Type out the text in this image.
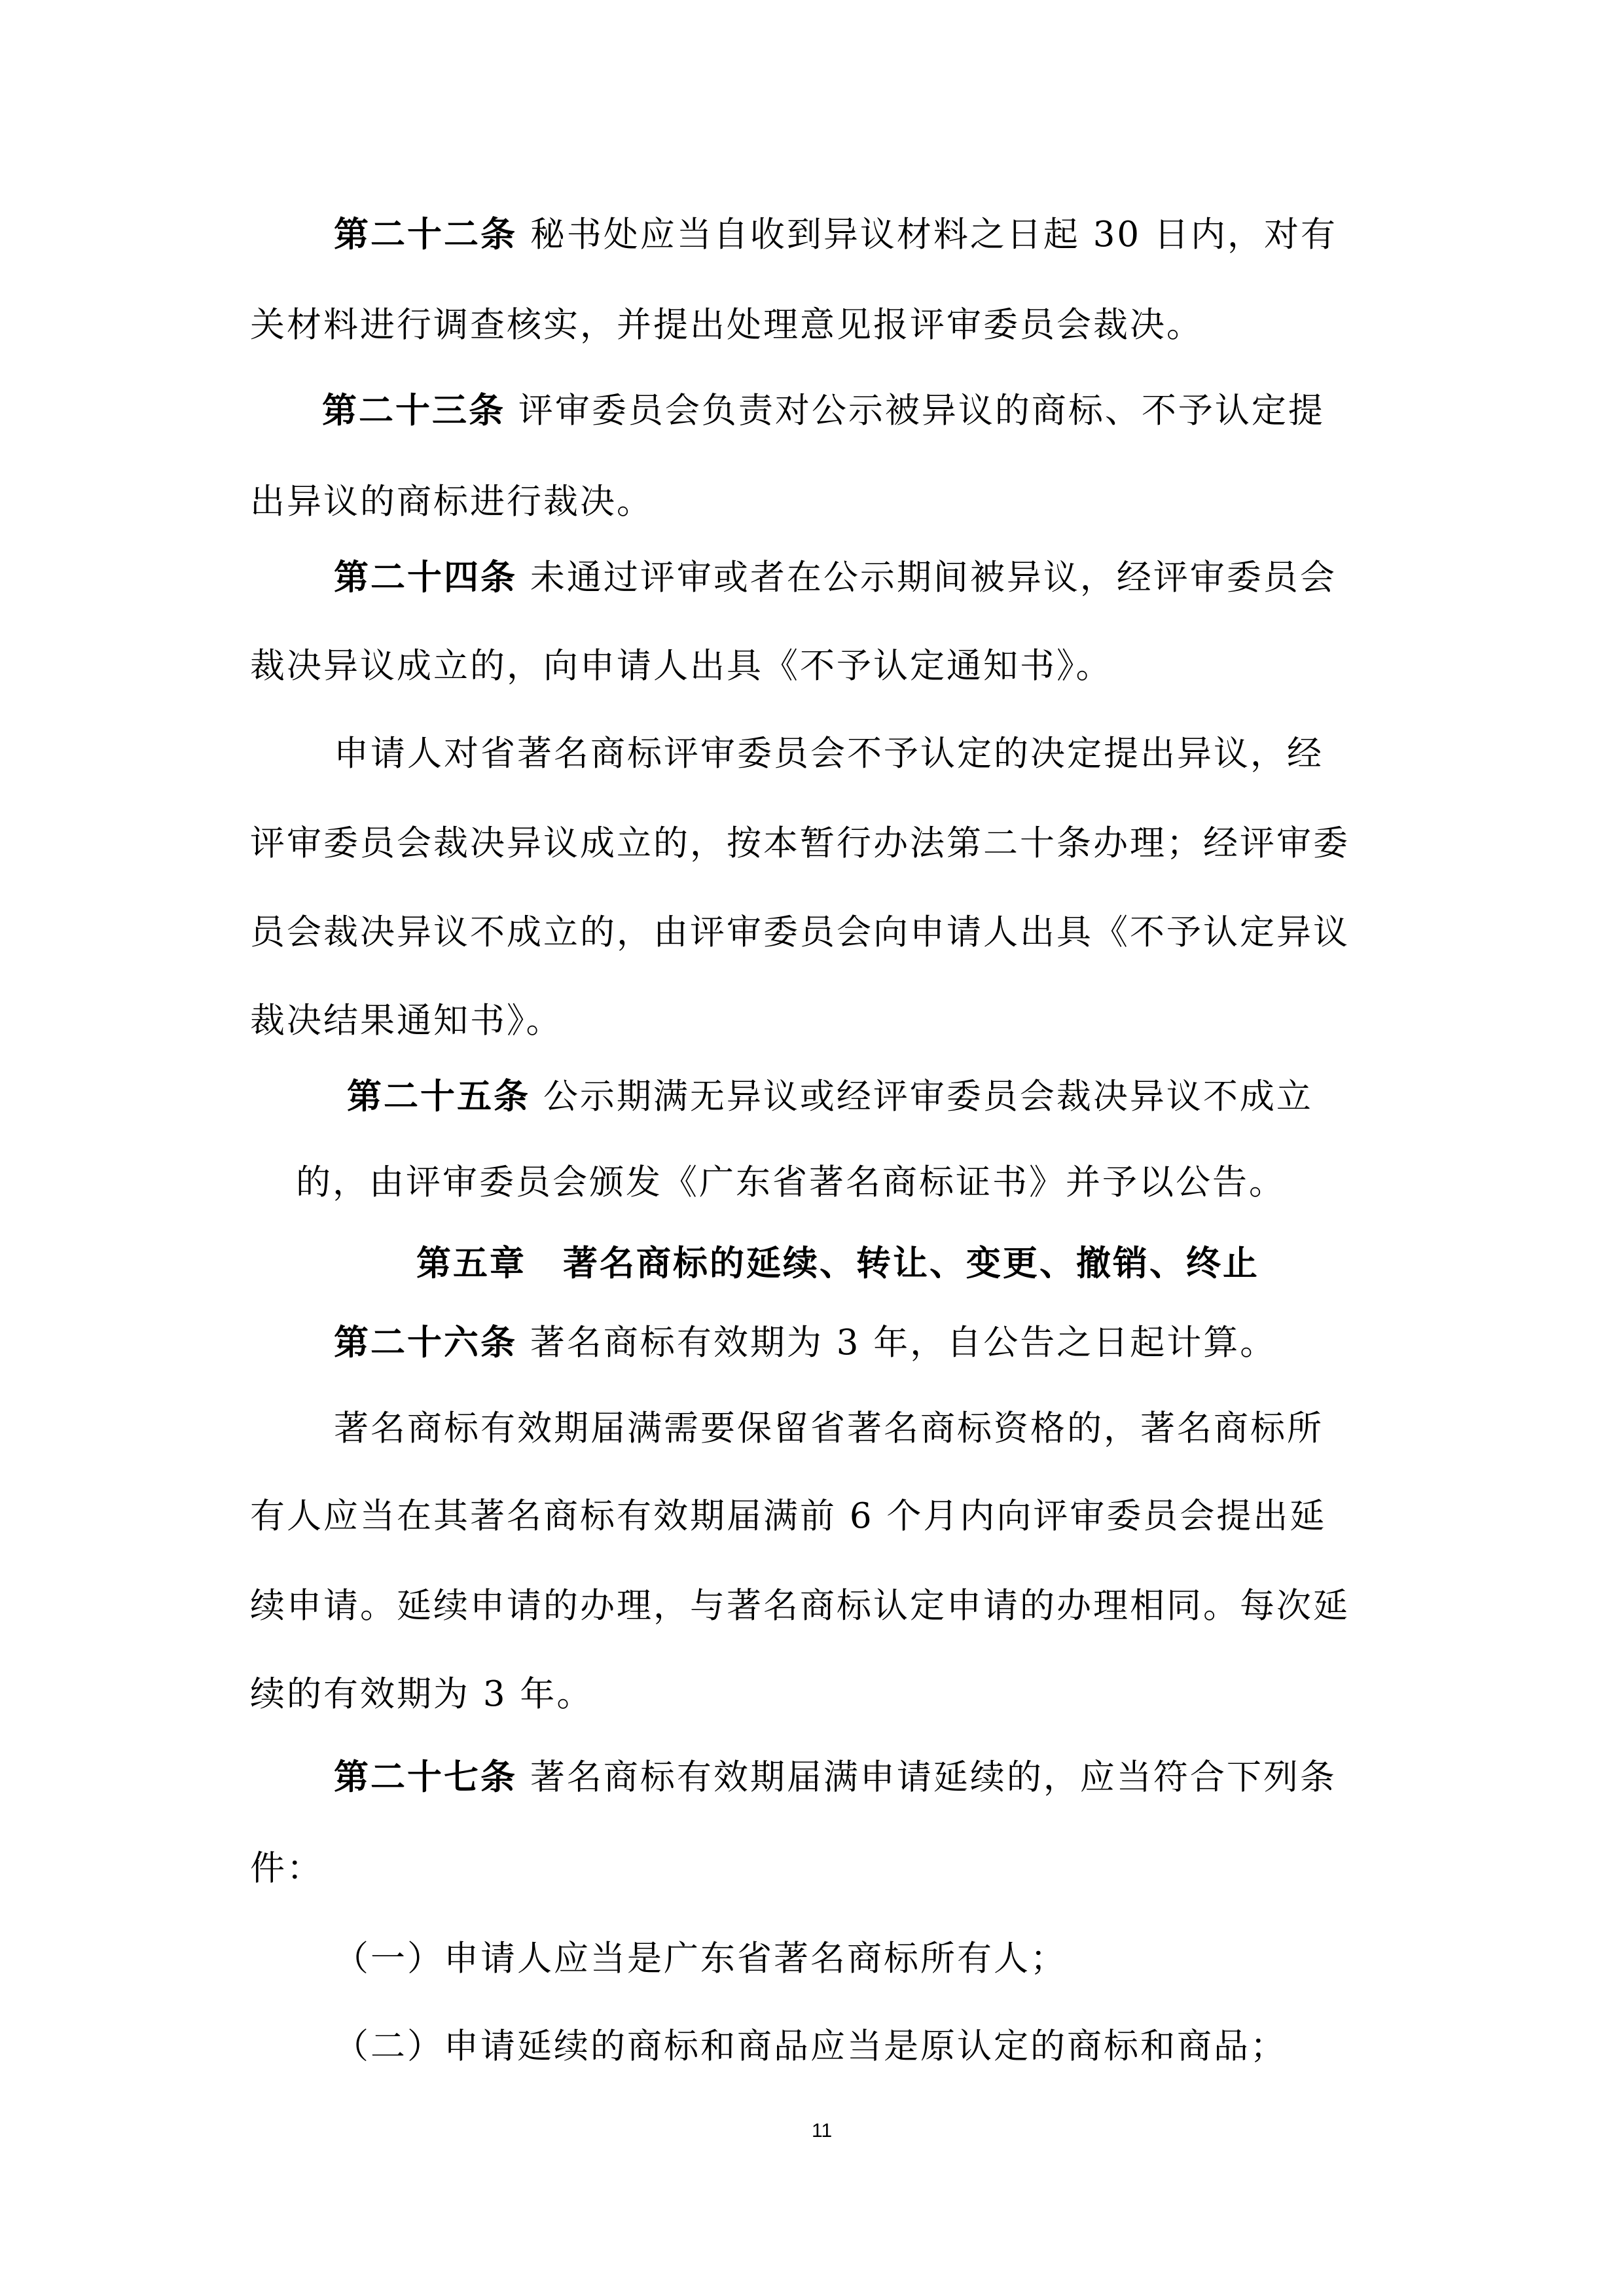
第二十二条 秘书处应当自收到异议材料之日起 30 日内，对有
关材料进行调查核实，并提出处理意见报评审委员会裁决。
第二十三条 评审委员会负责对公示被异议的商标、不予认定提
出异议的商标进行裁决。
第二十四条 未通过评审或者在公示期间被异议，经评审委员会
裁决异议成立的，向申请人出具《不予认定通知书》。
申请人对省著名商标评审委员会不予认定的决定提出异议，经
评审委员会裁决异议成立的，按本暂行办法第二十条办理；经评审委
员会裁决异议不成立的，由评审委员会向申请人出具《不予认定异议
裁决结果通知书》。
第二十五条 公示期满无异议或经评审委员会裁决异议不成立
的，由评审委员会颁发《广东省著名商标证书》并予以公告。
第五章　著名商标的延续、转让、变更、撤销、终止
第二十六条 著名商标有效期为 3 年，自公告之日起计算。
著名商标有效期届满需要保留省著名商标资格的，著名商标所
有人应当在其著名商标有效期届满前 6 个月内向评审委员会提出延
续申请。延续申请的办理，与著名商标认定申请的办理相同。每次延
续的有效期为 3 年。
第二十七条 著名商标有效期届满申请延续的，应当符合下列条
件：
（一）申请人应当是广东省著名商标所有人；
（二）申请延续的商标和商品应当是原认定的商标和商品；
11
